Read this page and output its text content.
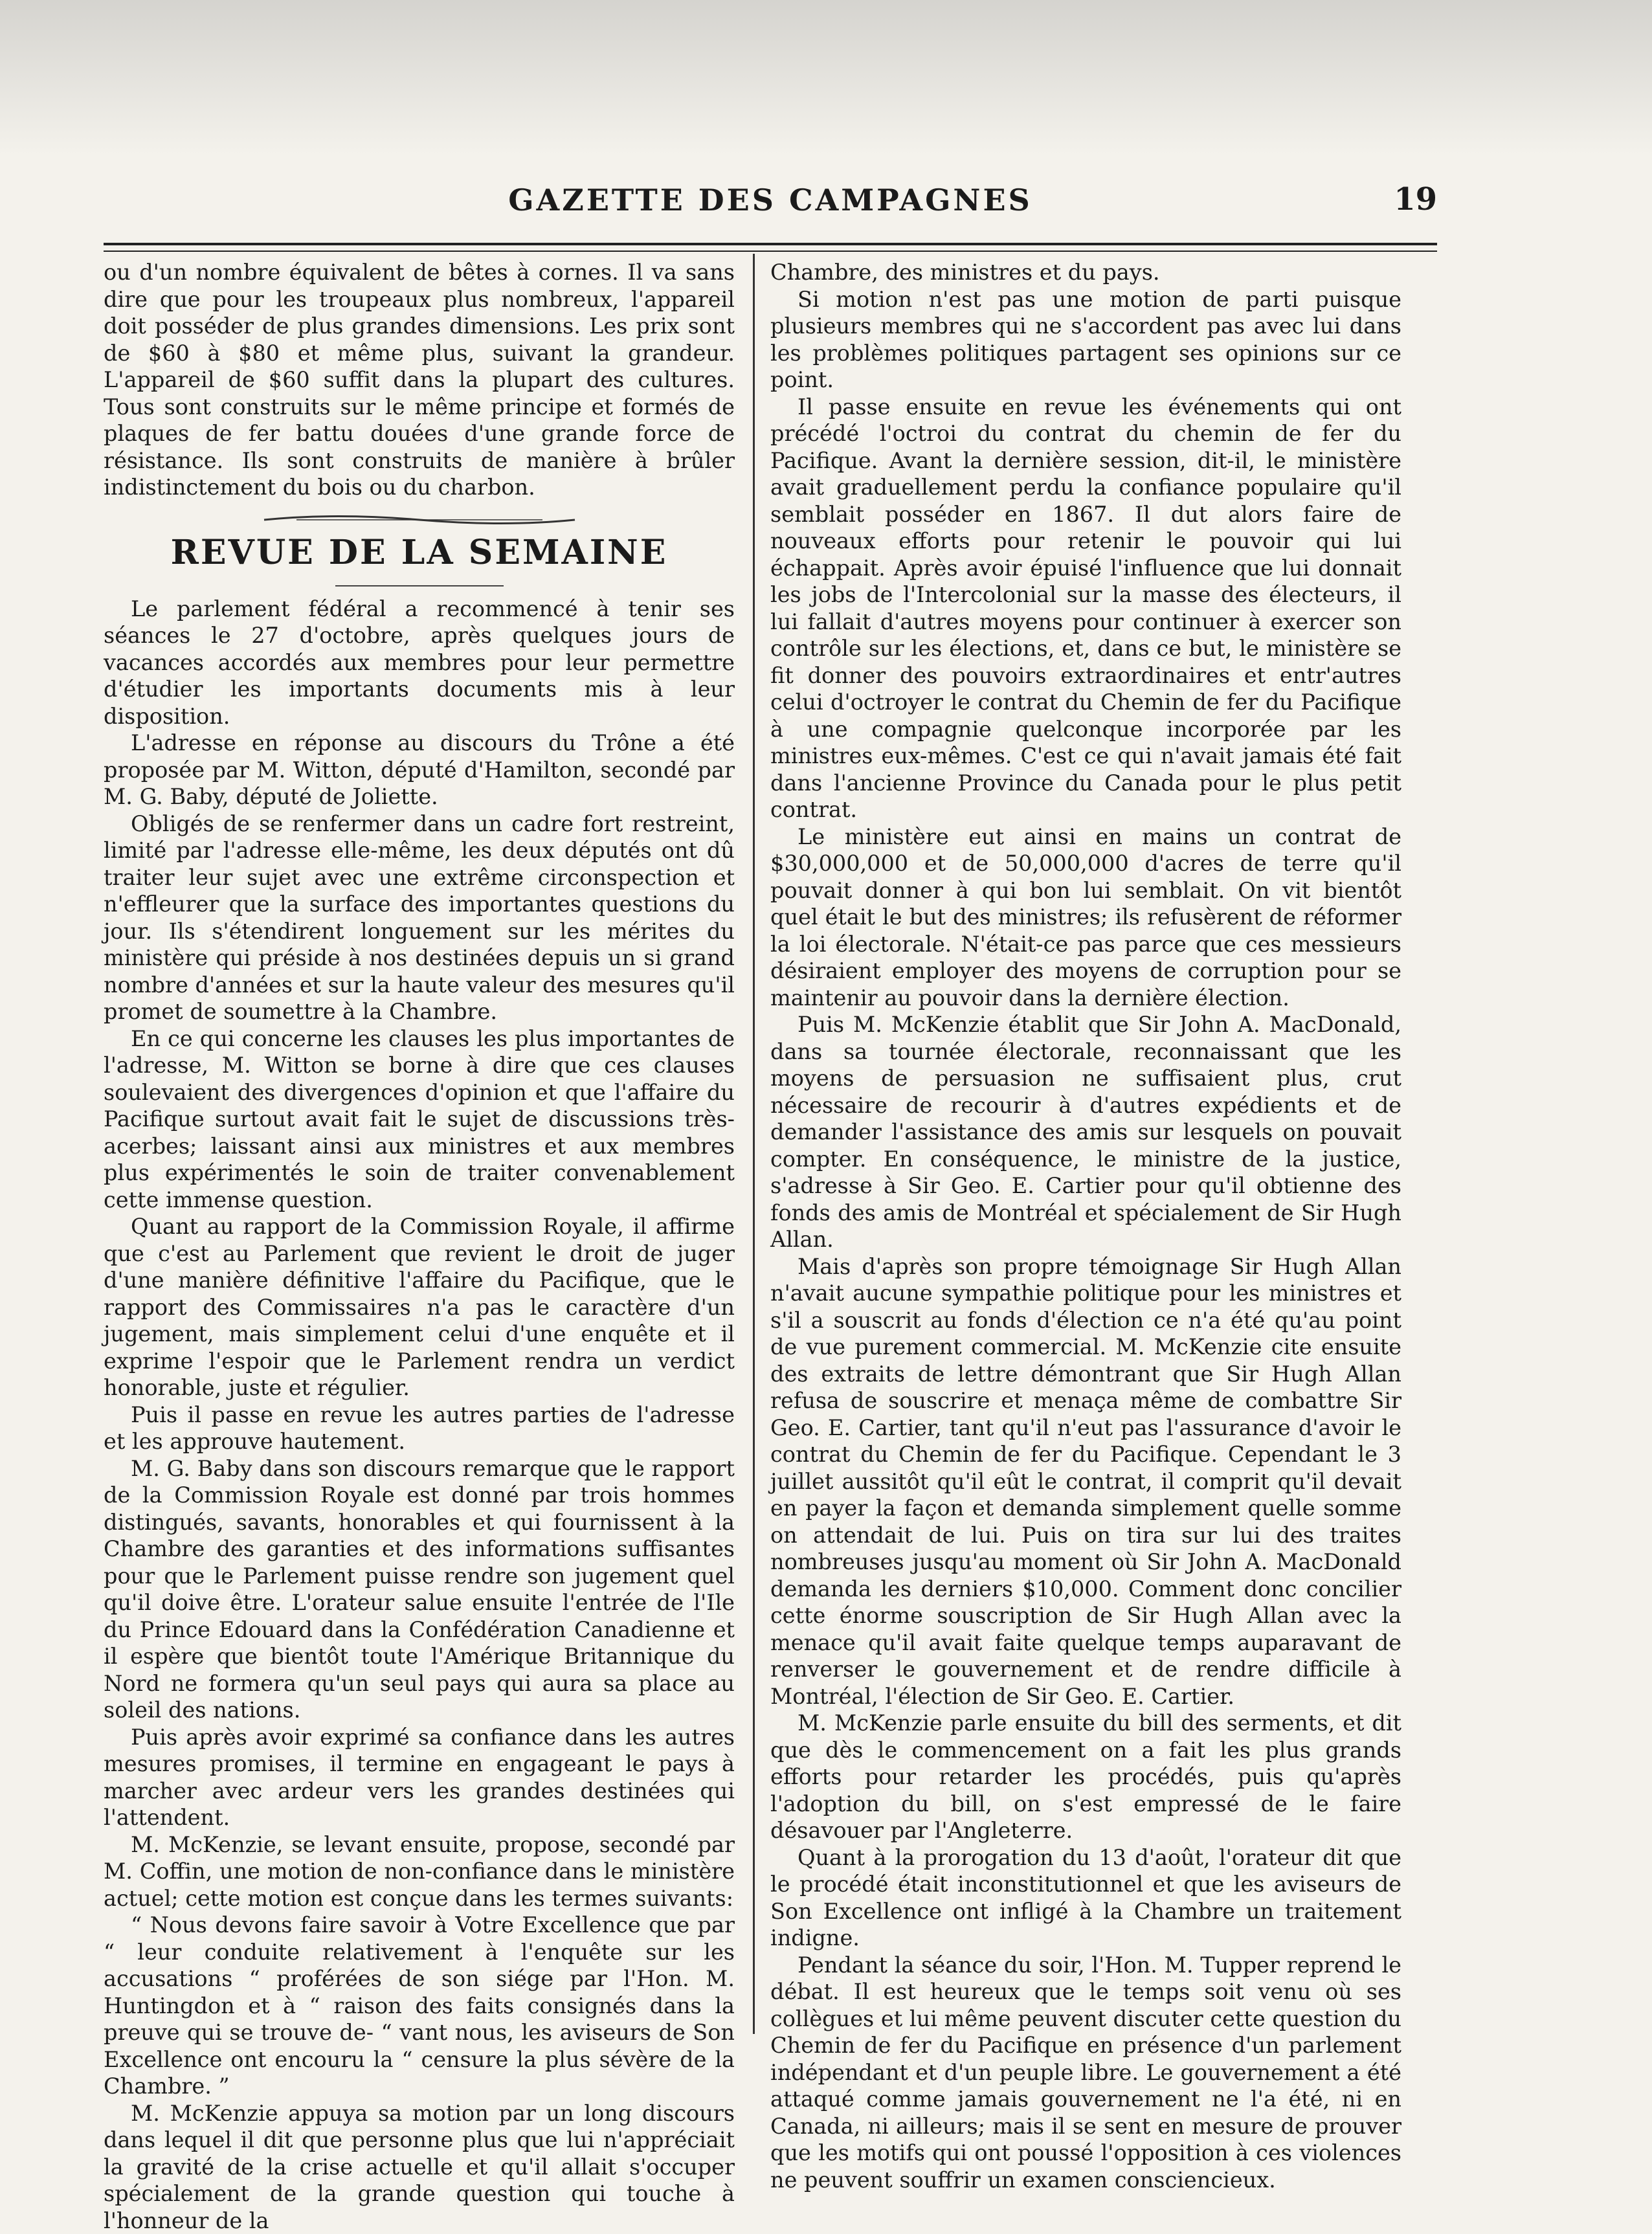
GAZETTE DES CAMPAGNES	19

ou d'un nombre équivalent de bêtes à cornes. Il va sans dire que pour les troupeaux plus nombreux, l'appareil doit posséder de plus grandes dimensions. Les prix sont de $60 à $80 et même plus, suivant la grandeur. L'appareil de $60 suffit dans la plupart des cultures. Tous sont construits sur le même principe et formés de plaques de fer battu douées d'une grande force de résistance. Ils sont construits de manière à brûler indistinctement du bois ou du charbon.

REVUE DE LA SEMAINE

Le parlement fédéral a recommencé à tenir ses séances le 27 d'octobre, après quelques jours de vacances accordés aux membres pour leur permettre d'étudier les importants documents mis à leur disposition.

L'adresse en réponse au discours du Trône a été proposée par M. Witton, député d'Hamilton, secondé par M. G. Baby, député de Joliette.

Obligés de se renfermer dans un cadre fort restreint, limité par l'adresse elle-même, les deux députés ont dû traiter leur sujet avec une extrême circonspection et n'effleurer que la surface des importantes questions du jour. Ils s'étendirent longuement sur les mérites du ministère qui préside à nos destinées depuis un si grand nombre d'années et sur la haute valeur des mesures qu'il promet de soumettre à la Chambre.

En ce qui concerne les clauses les plus importantes de l'adresse, M. Witton se borne à dire que ces clauses soulevaient des divergences d'opinion et que l'affaire du Pacifique surtout avait fait le sujet de discussions très-acerbes; laissant ainsi aux ministres et aux membres plus expérimentés le soin de traiter convenablement cette immense question.

Quant au rapport de la Commission Royale, il affirme que c'est au Parlement que revient le droit de juger d'une manière définitive l'affaire du Pacifique, que le rapport des Commissaires n'a pas le caractère d'un jugement, mais simplement celui d'une enquête et il exprime l'espoir que le Parlement rendra un verdict honorable, juste et régulier.

Puis il passe en revue les autres parties de l'adresse et les approuve hautement.

M. G. Baby dans son discours remarque que le rapport de la Commission Royale est donné par trois hommes distingués, savants, honorables et qui fournissent à la Chambre des garanties et des informations suffisantes pour que le Parlement puisse rendre son jugement quel qu'il doive être. L'orateur salue ensuite l'entrée de l'Ile du Prince Edouard dans la Confédération Canadienne et il espère que bientôt toute l'Amérique Britannique du Nord ne formera qu'un seul pays qui aura sa place au soleil des nations.

Puis après avoir exprimé sa confiance dans les autres mesures promises, il termine en engageant le pays à marcher avec ardeur vers les grandes destinées qui l'attendent.

M. McKenzie, se levant ensuite, propose, secondé par M. Coffin, une motion de non-confiance dans le ministère actuel; cette motion est conçue dans les termes suivants:

“ Nous devons faire savoir à Votre Excellence que par “ leur conduite relativement à l'enquête sur les accusations “ proférées de son siége par l'Hon. M. Huntingdon et à “ raison des faits consignés dans la preuve qui se trouve de- “ vant nous, les aviseurs de Son Excellence ont encouru la “ censure la plus sévère de la Chambre. ”

M. McKenzie appuya sa motion par un long discours dans lequel il dit que personne plus que lui n'appréciait la gravité de la crise actuelle et qu'il allait s'occuper spécialement de la grande question qui touche à l'honneur de la

Chambre, des ministres et du pays.

Si motion n'est pas une motion de parti puisque plusieurs membres qui ne s'accordent pas avec lui dans les problèmes politiques partagent ses opinions sur ce point.

Il passe ensuite en revue les événements qui ont précédé l'octroi du contrat du chemin de fer du Pacifique. Avant la dernière session, dit-il, le ministère avait graduellement perdu la confiance populaire qu'il semblait posséder en 1867. Il dut alors faire de nouveaux efforts pour retenir le pouvoir qui lui échappait. Après avoir épuisé l'influence que lui donnait les jobs de l'Intercolonial sur la masse des électeurs, il lui fallait d'autres moyens pour continuer à exercer son contrôle sur les élections, et, dans ce but, le ministère se fit donner des pouvoirs extraordinaires et entr'autres celui d'octroyer le contrat du Chemin de fer du Pacifique à une compagnie quelconque incorporée par les ministres eux-mêmes. C'est ce qui n'avait jamais été fait dans l'ancienne Province du Canada pour le plus petit contrat.

Le ministère eut ainsi en mains un contrat de $30,000,000 et de 50,000,000 d'acres de terre qu'il pouvait donner à qui bon lui semblait. On vit bientôt quel était le but des ministres; ils refusèrent de réformer la loi électorale. N'était-ce pas parce que ces messieurs désiraient employer des moyens de corruption pour se maintenir au pouvoir dans la dernière élection.

Puis M. McKenzie établit que Sir John A. MacDonald, dans sa tournée électorale, reconnaissant que les moyens de persuasion ne suffisaient plus, crut nécessaire de recourir à d'autres expédients et de demander l'assistance des amis sur lesquels on pouvait compter. En conséquence, le ministre de la justice, s'adresse à Sir Geo. E. Cartier pour qu'il obtienne des fonds des amis de Montréal et spécialement de Sir Hugh Allan.

Mais d'après son propre témoignage Sir Hugh Allan n'avait aucune sympathie politique pour les ministres et s'il a souscrit au fonds d'élection ce n'a été qu'au point de vue purement commercial. M. McKenzie cite ensuite des extraits de lettre démontrant que Sir Hugh Allan refusa de souscrire et menaça même de combattre Sir Geo. E. Cartier, tant qu'il n'eut pas l'assurance d'avoir le contrat du Chemin de fer du Pacifique. Cependant le 3 juillet aussitôt qu'il eût le contrat, il comprit qu'il devait en payer la façon et demanda simplement quelle somme on attendait de lui. Puis on tira sur lui des traites nombreuses jusqu'au moment où Sir John A. MacDonald demanda les derniers $10,000. Comment donc concilier cette énorme souscription de Sir Hugh Allan avec la menace qu'il avait faite quelque temps auparavant de renverser le gouvernement et de rendre difficile à Montréal, l'élection de Sir Geo. E. Cartier.

M. McKenzie parle ensuite du bill des serments, et dit que dès le commencement on a fait les plus grands efforts pour retarder les procédés, puis qu'après l'adoption du bill, on s'est empressé de le faire désavouer par l'Angleterre.

Quant à la prorogation du 13 d'août, l'orateur dit que le procédé était inconstitutionnel et que les aviseurs de Son Excellence ont infligé à la Chambre un traitement indigne.

Pendant la séance du soir, l'Hon. M. Tupper reprend le débat. Il est heureux que le temps soit venu où ses collègues et lui même peuvent discuter cette question du Chemin de fer du Pacifique en présence d'un parlement indépendant et d'un peuple libre. Le gouvernement a été attaqué comme jamais gouvernement ne l'a été, ni en Canada, ni ailleurs; mais il se sent en mesure de prouver que les motifs qui ont poussé l'opposition à ces violences ne peuvent souffrir un examen consciencieux.
